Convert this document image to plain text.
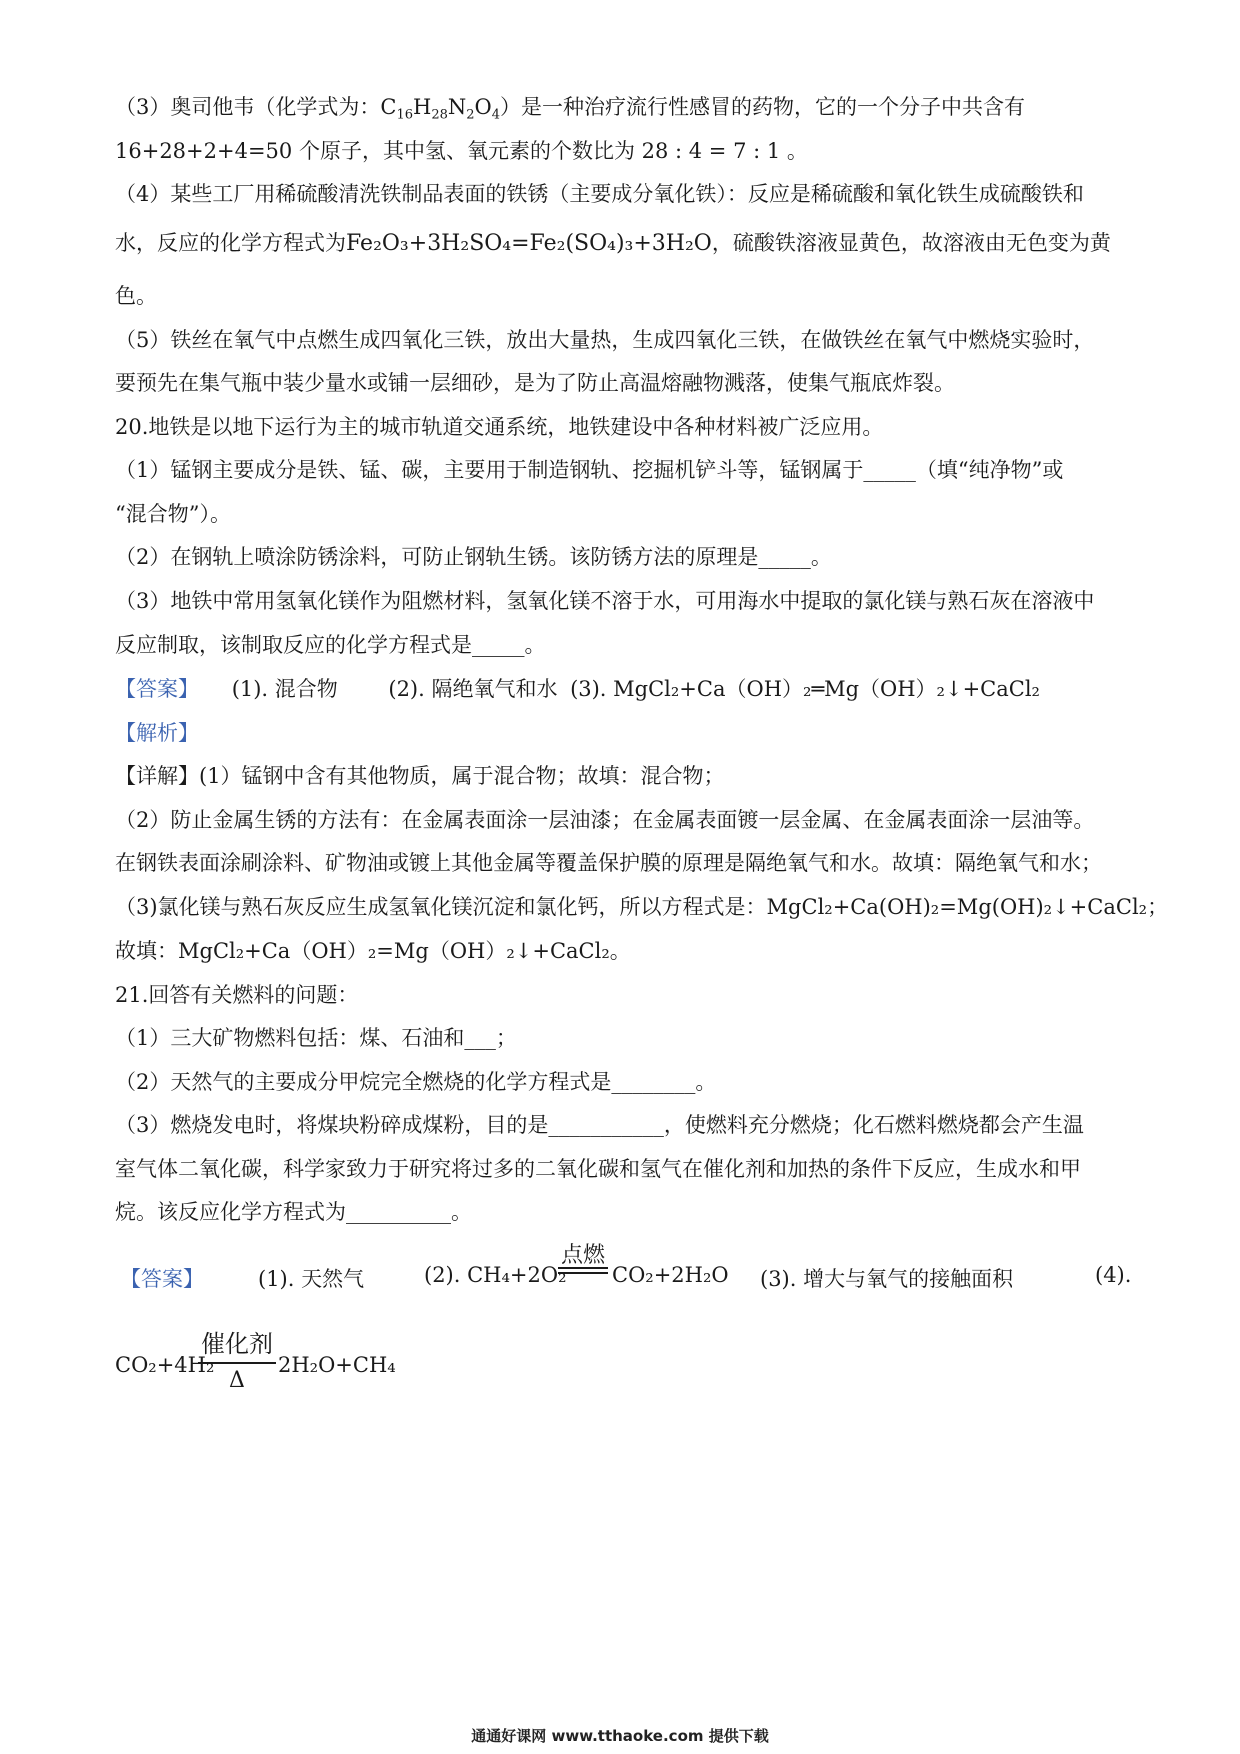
（3）奥司他韦（化学式为：$C_{16}H_{28}N_2O_4$）是一种治疗流行性感冒的药物，它的一个分子中共含有
16+28+2+4=50 个原子，其中氢、氧元素的个数比为 28 : 4 = 7 : 1 。
（4）某些工厂用稀硫酸清洗铁制品表面的铁锈（主要成分氧化铁）：反应是稀硫酸和氧化铁生成硫酸铁和
水，反应的化学方程式为Fe₂O₃+3H₂SO₄=Fe₂(SO₄)₃+3H₂O，硫酸铁溶液显黄色，故溶液由无色变为黄
色。
（5）铁丝在氧气中点燃生成四氧化三铁，放出大量热，生成四氧化三铁，在做铁丝在氧气中燃烧实验时，
要预先在集气瓶中装少量水或铺一层细砂，是为了防止高温熔融物溅落，使集气瓶底炸裂。
20.地铁是以地下运行为主的城市轨道交通系统，地铁建设中各种材料被广泛应用。
（1）锰钢主要成分是铁、锰、碳，主要用于制造钢轨、挖掘机铲斗等，锰钢属于_____（填“纯净物”或
“混合物”）。
（2）在钢轨上喷涂防锈涂料，可防止钢轨生锈。该防锈方法的原理是_____。
（3）地铁中常用氢氧化镁作为阻燃材料，氢氧化镁不溶于水，可用海水中提取的氯化镁与熟石灰在溶液中
反应制取，该制取反应的化学方程式是_____。
【答案】 (1). 混合物 (2). 隔绝氧气和水 (3). MgCl₂+Ca（OH）₂═Mg（OH）₂↓+CaCl₂
【解析】
【详解】(1）锰钢中含有其他物质，属于混合物；故填：混合物；
（2）防止金属生锈的方法有：在金属表面涂一层油漆；在金属表面镀一层金属、在金属表面涂一层油等。
在钢铁表面涂刷涂料、矿物油或镀上其他金属等覆盖保护膜的原理是隔绝氧气和水。故填：隔绝氧气和水；
（3)氯化镁与熟石灰反应生成氢氧化镁沉淀和氯化钙，所以方程式是：MgCl₂+Ca(OH)₂=Mg(OH)₂↓+CaCl₂；
故填：MgCl₂+Ca（OH）₂=Mg（OH）₂↓+CaCl₂。
21.回答有关燃料的问题：
（1）三大矿物燃料包括：煤、石油和___；
（2）天然气的主要成分甲烷完全燃烧的化学方程式是________。
（3）燃烧发电时，将煤块粉碎成煤粉，目的是___________，使燃料充分燃烧；化石燃料燃烧都会产生温
室气体二氧化碳，科学家致力于研究将过多的二氧化碳和氢气在催化剂和加热的条件下反应，生成水和甲
烷。该反应化学方程式为__________。
【答案】	(1). 天然气	(2). CH₄+2O₂
点燃
CO₂+2H₂O (3). 增大与氧气的接触面积	(4).
CO₂+4H₂
催化剂
Δ
2H₂O+CH₄
通通好课网 www.tthaoke.com 提供下载
